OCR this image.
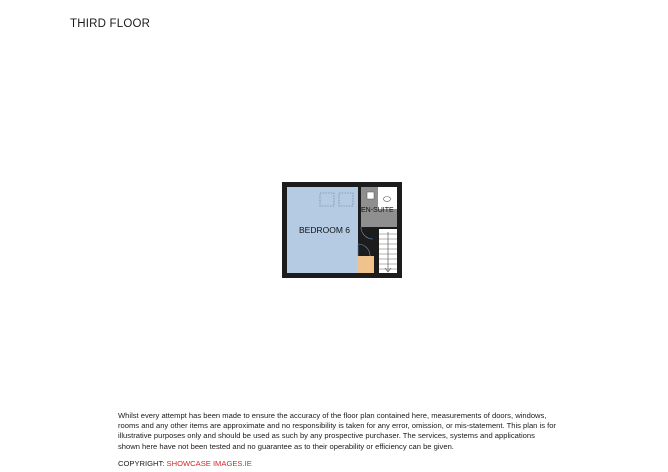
THIRD FLOOR
BEDROOM 6
EN-SUITE
Whilst every attempt has been made to ensure the accuracy of the floor plan contained here, measurements of doors, windows, rooms and any other items are approximate and no responsibility is taken for any error, omission, or mis-statement. This plan is for illustrative purposes only and should be used as such by any prospective purchaser. The services, systems and applications shown here have not been tested and no guarantee as to their operability or efficiency can be given.
COPYRIGHT: SHOWCASE IMAGES.IE
